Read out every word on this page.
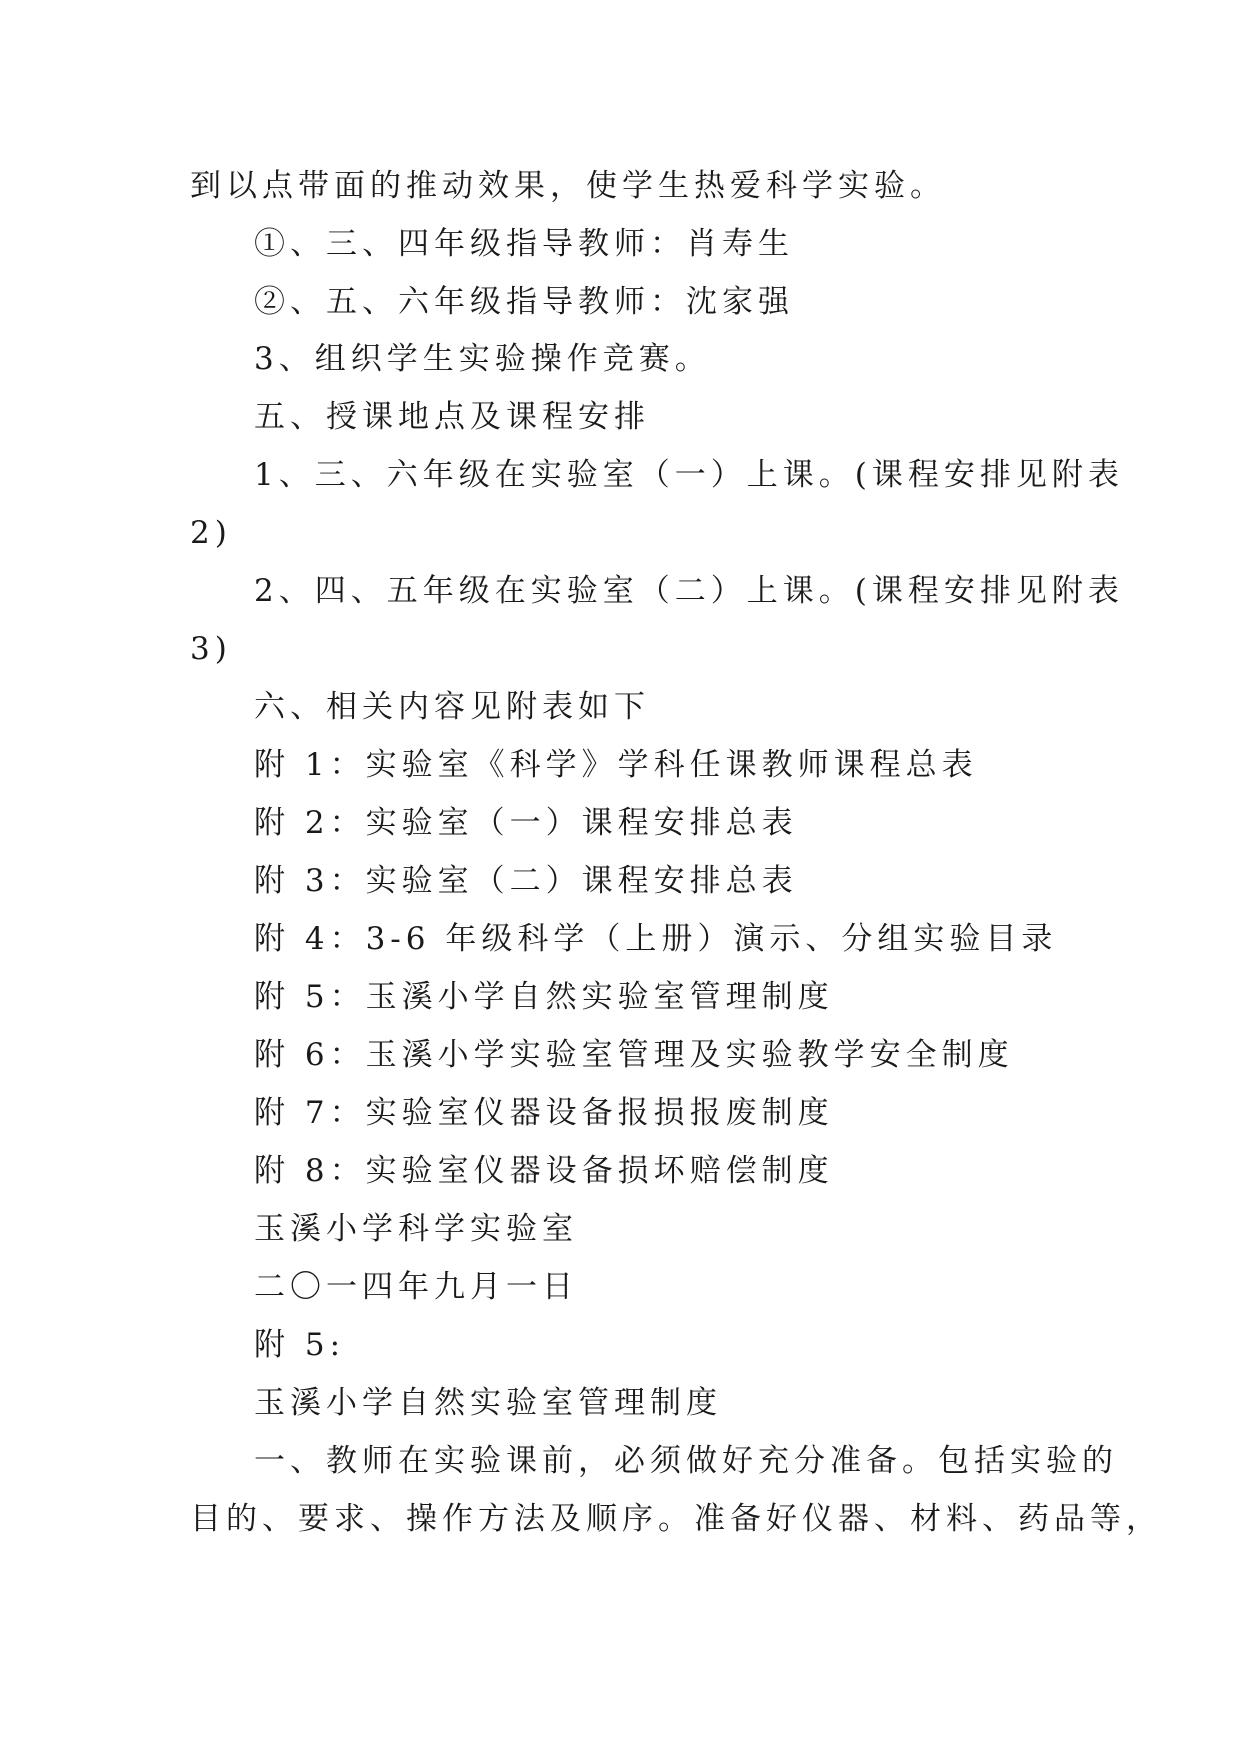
到以点带面的推动效果，使学生热爱科学实验。
①、三、四年级指导教师：肖寿生
②、五、六年级指导教师：沈家强
3、组织学生实验操作竞赛。
五、授课地点及课程安排
1、三、六年级在实验室（一）上课。(课程安排见附表
2)
2、四、五年级在实验室（二）上课。(课程安排见附表
3)
六、相关内容见附表如下
附 1：实验室《科学》学科任课教师课程总表
附 2：实验室（一）课程安排总表
附 3：实验室（二）课程安排总表
附 4：3-6 年级科学（上册）演示、分组实验目录
附 5：玉溪小学自然实验室管理制度
附 6：玉溪小学实验室管理及实验教学安全制度
附 7：实验室仪器设备报损报废制度
附 8：实验室仪器设备损坏赔偿制度
玉溪小学科学实验室
二〇一四年九月一日
附 5:
玉溪小学自然实验室管理制度
一、教师在实验课前，必须做好充分准备。包括实验的
目的、要求、操作方法及顺序。准备好仪器、材料、药品等，
